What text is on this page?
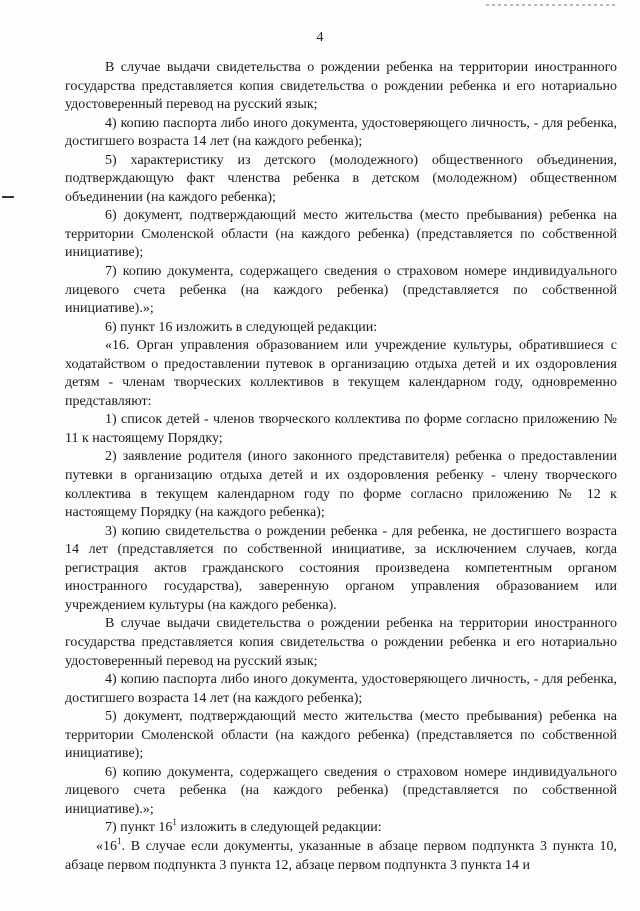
4

В случае выдачи свидетельства о рождении ребенка на территории иностранного государства представляется копия свидетельства о рождении ребенка и его нотариально удостоверенный перевод на русский язык;

4) копию паспорта либо иного документа, удостоверяющего личность, - для ребенка, достигшего возраста 14 лет (на каждого ребенка);

5) характеристику из детского (молодежного) общественного объединения, подтверждающую факт членства ребенка в детском (молодежном) общественном объединении (на каждого ребенка);

6) документ, подтверждающий место жительства (место пребывания) ребенка на территории Смоленской области (на каждого ребенка) (представляется по собственной инициативе);

7) копию документа, содержащего сведения о страховом номере индивидуального лицевого счета ребенка (на каждого ребенка) (представляется по собственной инициативе).»;

6) пункт 16 изложить в следующей редакции:

«16. Орган управления образованием или учреждение культуры, обратившиеся с ходатайством о предоставлении путевок в организацию отдыха детей и их оздоровления детям - членам творческих коллективов в текущем календарном году, одновременно представляют:

1) список детей - членов творческого коллектива по форме согласно приложению № 11 к настоящему Порядку;

2) заявление родителя (иного законного представителя) ребенка о предоставлении путевки в организацию отдыха детей и их оздоровления ребенку - члену творческого коллектива в текущем календарном году по форме согласно приложению № 12 к настоящему Порядку (на каждого ребенка);

3) копию свидетельства о рождении ребенка - для ребенка, не достигшего возраста 14 лет (представляется по собственной инициативе, за исключением случаев, когда регистрация актов гражданского состояния произведена компетентным органом иностранного государства), заверенную органом управления образованием или учреждением культуры (на каждого ребенка).

В случае выдачи свидетельства о рождении ребенка на территории иностранного государства представляется копия свидетельства о рождении ребенка и его нотариально удостоверенный перевод на русский язык;

4) копию паспорта либо иного документа, удостоверяющего личность, - для ребенка, достигшего возраста 14 лет (на каждого ребенка);

5) документ, подтверждающий место жительства (место пребывания) ребенка на территории Смоленской области (на каждого ребенка) (представляется по собственной инициативе);

6) копию документа, содержащего сведения о страховом номере индивидуального лицевого счета ребенка (на каждого ребенка) (представляется по собственной инициативе).»;

7) пункт $16^1$ изложить в следующей редакции:

«$16^1$. В случае если документы, указанные в абзаце первом подпункта 3 пункта 10, абзаце первом подпункта 3 пункта 12, абзаце первом подпункта 3 пункта 14 и
